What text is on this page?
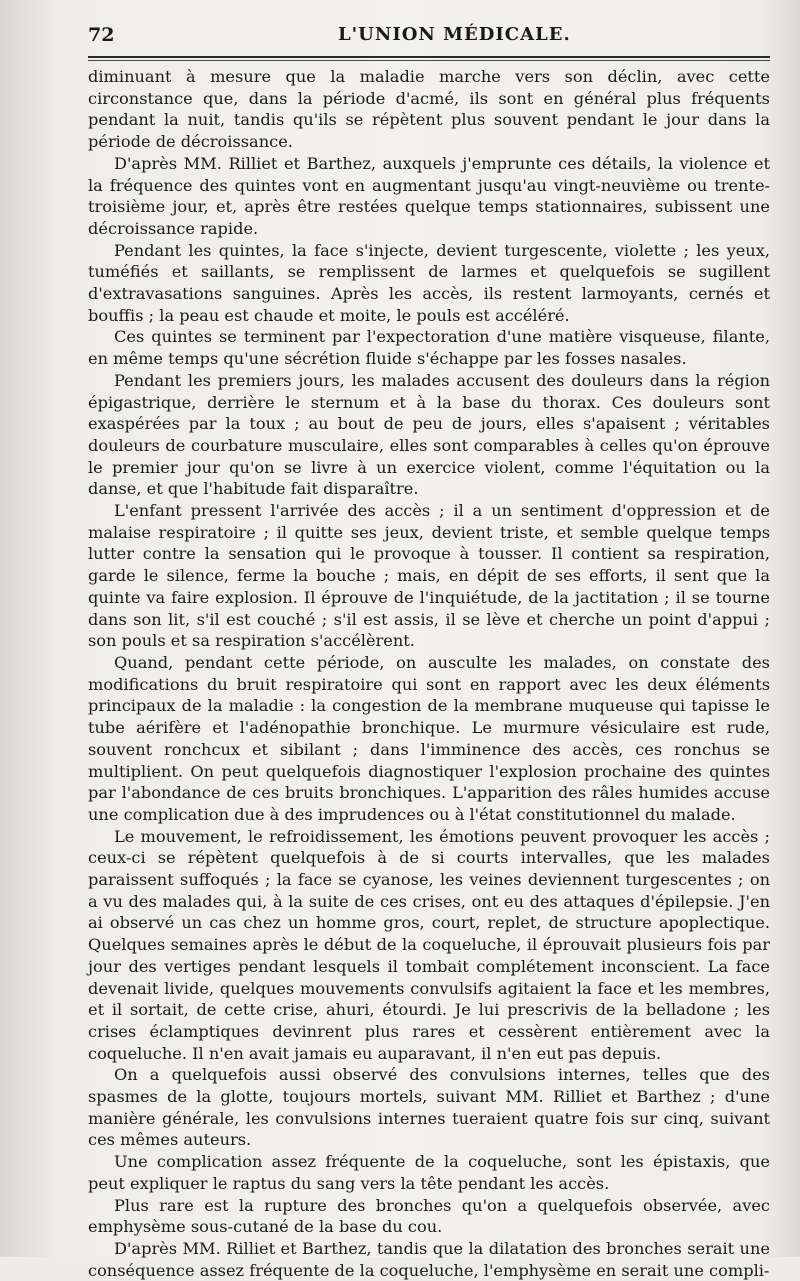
72	L'UNION MÉDICALE.

diminuant à mesure que la maladie marche vers son déclin, avec cette circonstance que, dans la période d'acmé, ils sont en général plus fréquents pendant la nuit, tandis qu'ils se répètent plus souvent pendant le jour dans la période de décroissance.

D'après MM. Rilliet et Barthez, auxquels j'emprunte ces détails, la violence et la fréquence des quintes vont en augmentant jusqu'au vingt-neuvième ou trente-troisième jour, et, après être restées quelque temps stationnaires, subissent une décroissance rapide.

Pendant les quintes, la face s'injecte, devient turgescente, violette ; les yeux, tuméfiés et saillants, se remplissent de larmes et quelquefois se sugillent d'extravasations sanguines. Après les accès, ils restent larmoyants, cernés et bouffis ; la peau est chaude et moite, le pouls est accéléré.

Ces quintes se terminent par l'expectoration d'une matière visqueuse, filante, en même temps qu'une sécrétion fluide s'échappe par les fosses nasales.

Pendant les premiers jours, les malades accusent des douleurs dans la région épigastrique, derrière le sternum et à la base du thorax. Ces douleurs sont exaspérées par la toux ; au bout de peu de jours, elles s'apaisent ; véritables douleurs de courbature musculaire, elles sont comparables à celles qu'on éprouve le premier jour qu'on se livre à un exercice violent, comme l'équitation ou la danse, et que l'habitude fait disparaître.

L'enfant pressent l'arrivée des accès ; il a un sentiment d'oppression et de malaise respiratoire ; il quitte ses jeux, devient triste, et semble quelque temps lutter contre la sensation qui le provoque à tousser. Il contient sa respiration, garde le silence, ferme la bouche ; mais, en dépit de ses efforts, il sent que la quinte va faire explosion. Il éprouve de l'inquiétude, de la jactitation ; il se tourne dans son lit, s'il est couché ; s'il est assis, il se lève et cherche un point d'appui ; son pouls et sa respiration s'accélèrent.

Quand, pendant cette période, on ausculte les malades, on constate des modifications du bruit respiratoire qui sont en rapport avec les deux éléments principaux de la maladie : la congestion de la membrane muqueuse qui tapisse le tube aérifère et l'adénopathie bronchique. Le murmure vésiculaire est rude, souvent ronchcux et sibilant ; dans l'imminence des accès, ces ronchus se multiplient. On peut quelquefois diagnostiquer l'explosion prochaine des quintes par l'abondance de ces bruits bronchiques. L'apparition des râles humides accuse une complication due à des imprudences ou à l'état constitutionnel du malade.

Le mouvement, le refroidissement, les émotions peuvent provoquer les accès ; ceux-ci se répètent quelquefois à de si courts intervalles, que les malades paraissent suffoqués ; la face se cyanose, les veines deviennent turgescentes ; on a vu des malades qui, à la suite de ces crises, ont eu des attaques d'épilepsie. J'en ai observé un cas chez un homme gros, court, replet, de structure apoplectique. Quelques semaines après le début de la coqueluche, il éprouvait plusieurs fois par jour des vertiges pendant lesquels il tombait complétement inconscient. La face devenait livide, quelques mouvements convulsifs agitaient la face et les membres, et il sortait, de cette crise, ahuri, étourdi. Je lui prescrivis de la belladone ; les crises éclamptiques devinrent plus rares et cessèrent entièrement avec la coqueluche. Il n'en avait jamais eu auparavant, il n'en eut pas depuis.

On a quelquefois aussi observé des convulsions internes, telles que des spasmes de la glotte, toujours mortels, suivant MM. Rilliet et Barthez ; d'une manière générale, les convulsions internes tueraient quatre fois sur cinq, suivant ces mêmes auteurs.

Une complication assez fréquente de la coqueluche, sont les épistaxis, que peut expliquer le raptus du sang vers la tête pendant les accès.

Plus rare est la rupture des bronches qu'on a quelquefois observée, avec emphysème sous-cutané de la base du cou.

D'après MM. Rilliet et Barthez, tandis que la dilatation des bronches serait une conséquence assez fréquente de la coqueluche, l'emphysème en serait une compli-
